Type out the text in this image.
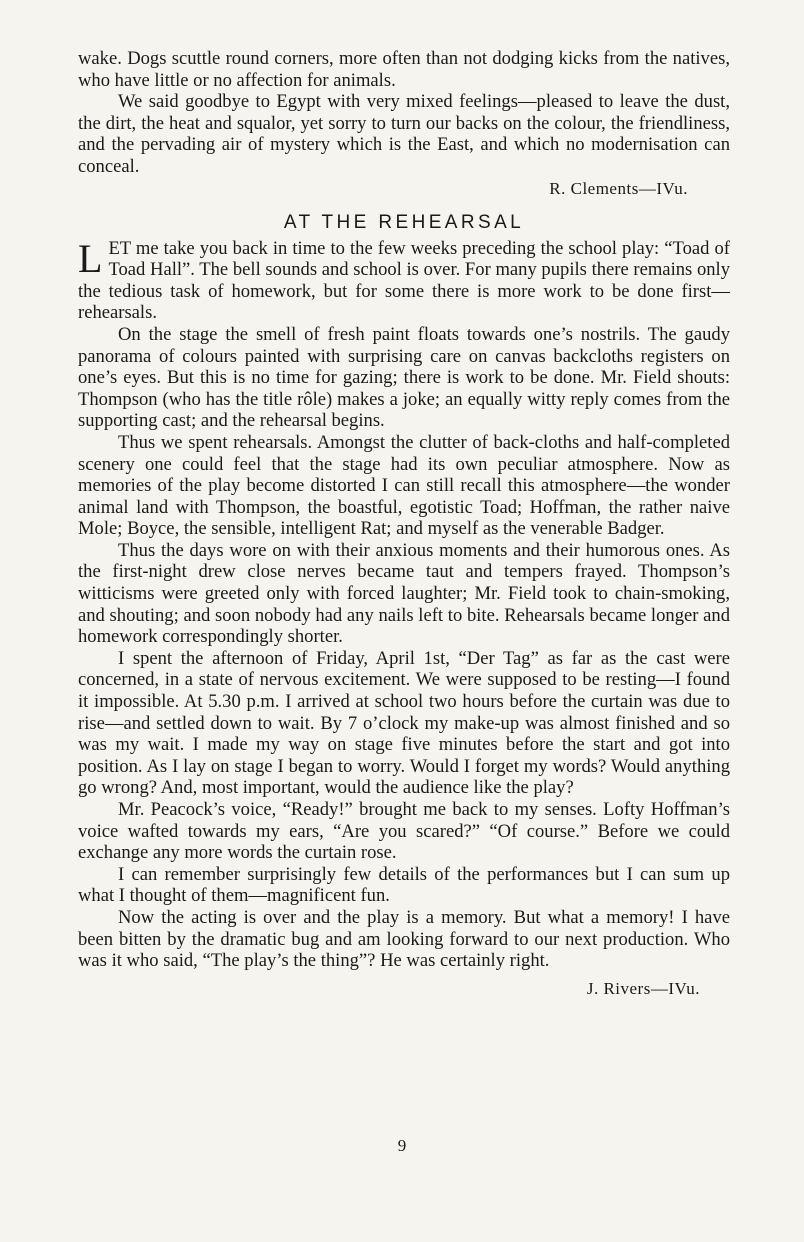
wake. Dogs scuttle round corners, more often than not dodging kicks from the natives, who have little or no affection for animals.

We said goodbye to Egypt with very mixed feelings—pleased to leave the dust, the dirt, the heat and squalor, yet sorry to turn our backs on the colour, the friendliness, and the pervading air of mystery which is the East, and which no modernisation can conceal.

R. Clements—IVu.

AT THE REHEARSAL

LET me take you back in time to the few weeks preceding the school play: “Toad of Toad Hall”. The bell sounds and school is over. For many pupils there remains only the tedious task of homework, but for some there is more work to be done first—rehearsals.

On the stage the smell of fresh paint floats towards one’s nostrils. The gaudy panorama of colours painted with surprising care on canvas backcloths registers on one’s eyes. But this is no time for gazing; there is work to be done. Mr. Field shouts: Thompson (who has the title rôle) makes a joke; an equally witty reply comes from the supporting cast; and the rehearsal begins.

Thus we spent rehearsals. Amongst the clutter of back-cloths and half-completed scenery one could feel that the stage had its own peculiar atmosphere. Now as memories of the play become distorted I can still recall this atmosphere—the wonder animal land with Thompson, the boastful, egotistic Toad; Hoffman, the rather naive Mole; Boyce, the sensible, intelligent Rat; and myself as the venerable Badger.

Thus the days wore on with their anxious moments and their humorous ones. As the first-night drew close nerves became taut and tempers frayed. Thompson’s witticisms were greeted only with forced laughter; Mr. Field took to chain-smoking, and shouting; and soon nobody had any nails left to bite. Rehearsals became longer and homework correspondingly shorter.

I spent the afternoon of Friday, April 1st, “Der Tag” as far as the cast were concerned, in a state of nervous excitement. We were supposed to be resting—I found it impossible. At 5.30 p.m. I arrived at school two hours before the curtain was due to rise—and settled down to wait. By 7 o’clock my make-up was almost finished and so was my wait. I made my way on stage five minutes before the start and got into position. As I lay on stage I began to worry. Would I forget my words? Would anything go wrong? And, most important, would the audience like the play?

Mr. Peacock’s voice, “Ready!” brought me back to my senses. Lofty Hoffman’s voice wafted towards my ears, “Are you scared?” “Of course.” Before we could exchange any more words the curtain rose.

I can remember surprisingly few details of the performances but I can sum up what I thought of them—magnificent fun.

Now the acting is over and the play is a memory. But what a memory! I have been bitten by the dramatic bug and am looking forward to our next production. Who was it who said, “The play’s the thing”? He was certainly right.

J. Rivers—IVu.

9
